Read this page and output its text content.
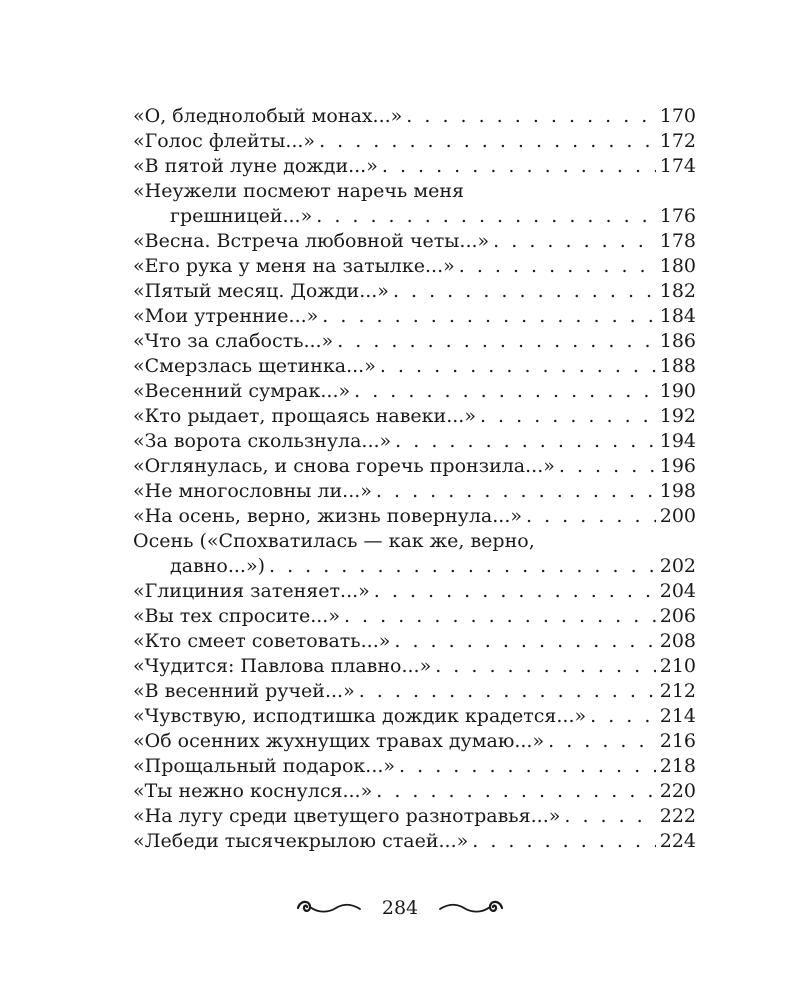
«О, бледнолобый монах...» . . .	170
«Голос флейты...» . . .	172
«В пятой луне дожди...» . . .	174
«Неужели посмеют наречь меня
грешницей...» . . .	176
«Весна. Встреча любовной четы...» . . .	178
«Его рука у меня на затылке...» . . .	180
«Пятый месяц. Дожди...» . . .	182
«Мои утренние...» . . .	184
«Что за слабость...» . . .	186
«Смерзлась щетинка...» . . .	188
«Весенний сумрак...» . . .	190
«Кто рыдает, прощаясь навеки...» . . .	192
«За ворота скользнула...» . . .	194
«Оглянулась, и снова горечь пронзила...» . . .	196
«Не многословны ли...» . . .	198
«На осень, верно, жизнь повернула...» . . .	200
Осень («Спохватилась — как же, верно,
давно...») . . .	202
«Глициния затеняет...» . . .	204
«Вы тех спросите...» . . .	206
«Кто смеет советовать...» . . .	208
«Чудится: Павлова плавно...» . . .	210
«В весенний ручей...» . . .	212
«Чувствую, исподтишка дождик крадется...» . . .	214
«Об осенних жухнущих травах думаю...» . . .	216
«Прощальный подарок...» . . .	218
«Ты нежно коснулся...» . . .	220
«На лугу среди цветущего разнотравья...» . . .	222
«Лебеди тысячекрылою стаей...» . . .	224
284
